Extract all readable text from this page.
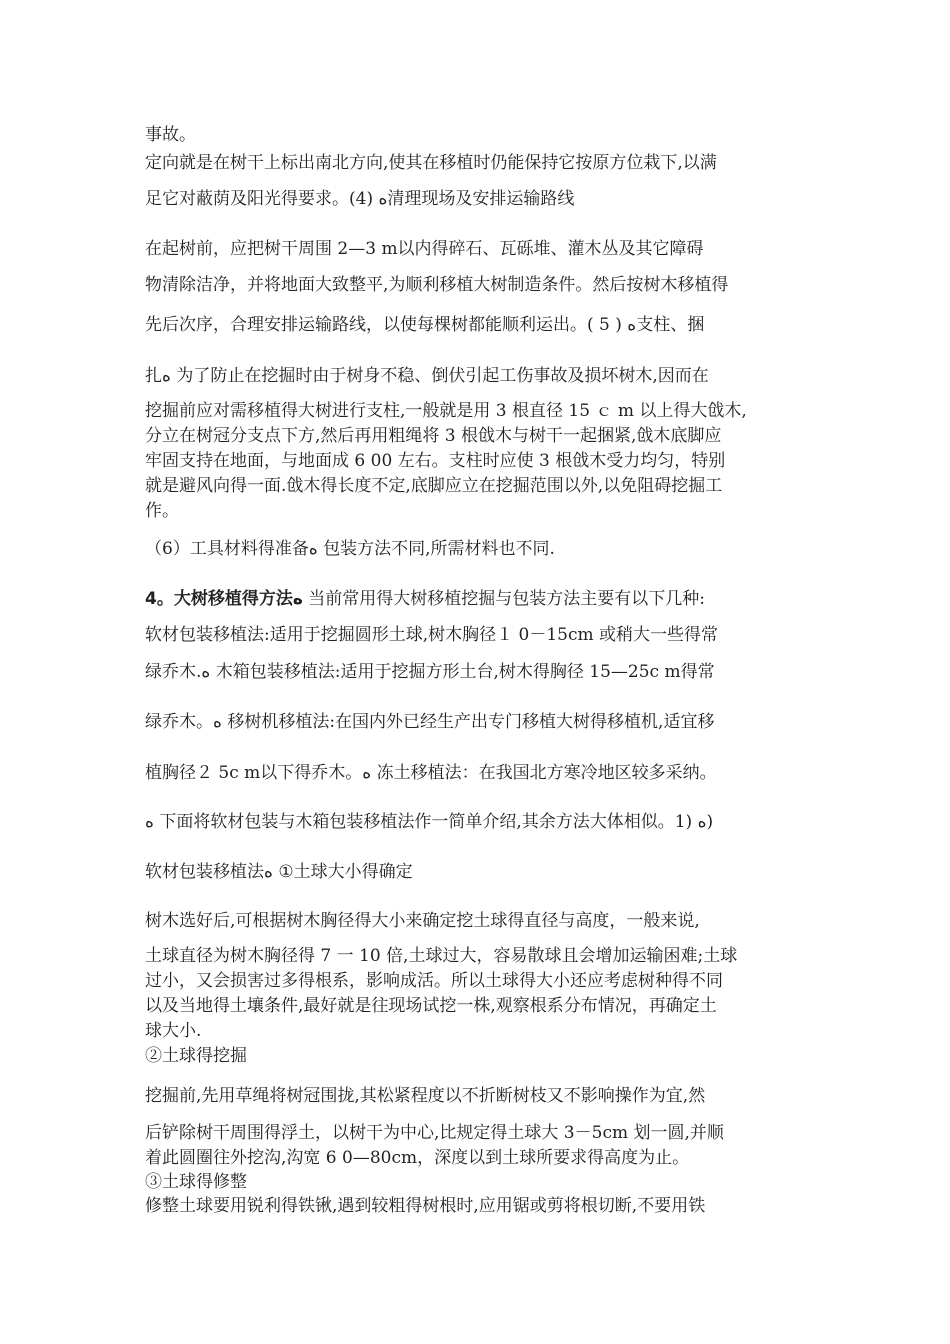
事故。
定向就是在树干上标出南北方向,使其在移植时仍能保持它按原方位栽下,以满
足它对蔽荫及阳光得要求。(4) ﻩ清理现场及安排运输路线
在起树前，应把树干周围 2—3 m以内得碎石、瓦砾堆、灌木丛及其它障碍
物清除洁净，并将地面大致整平,为顺利移植大树制造条件。然后按树木移植得
先后次序，合理安排运输路线，以使每棵树都能顺利运出。( 5 ) ﻩ支柱、捆
扎ﻩ 为了防止在挖掘时由于树身不稳、倒伏引起工伤事故及损坏树木,因而在
挖掘前应对需移植得大树进行支柱,一般就是用 3 根直径 15 ｃ m 以上得大戗木,
分立在树冠分支点下方,然后再用粗绳将 3 根戗木与树干一起捆紧,戗木底脚应
牢固支持在地面，与地面成 6 00 左右。支柱时应使 3 根戗木受力均匀，特别
就是避风向得一面.戗木得长度不定,底脚应立在挖掘范围以外,以免阻碍挖掘工
作。
（6）工具材料得准备ﻩ 包装方法不同,所需材料也不同.
4。大树移植得方法ﻩ 当前常用得大树移植挖掘与包装方法主要有以下几种:
软材包装移植法:适用于挖掘圆形土球,树木胸径１ 0－15cm 或稍大一些得常
绿乔木.ﻩ 木箱包装移植法:适用于挖掘方形土台,树木得胸径 15—25c m得常
绿乔木。ﻩ 移树机移植法:在国内外已经生产出专门移植大树得移植机,适宜移
植胸径２ 5c m以下得乔木。ﻩ 冻土移植法：在我国北方寒冷地区较多采纳。
ﻩ 下面将软材包装与木箱包装移植法作一简单介绍,其余方法大体相似。1) ﻩ)
软材包装移植法ﻩ ①土球大小得确定
树木选好后,可根据树木胸径得大小来确定挖土球得直径与高度，一般来说,
土球直径为树木胸径得 7 一 10 倍,土球过大，容易散球且会增加运输困难;土球
过小，又会损害过多得根系，影响成活。所以土球得大小还应考虑树种得不同
以及当地得土壤条件,最好就是往现场试挖一株,观察根系分布情况，再确定土
球大小.
②土球得挖掘
挖掘前,先用草绳将树冠围拢,其松紧程度以不折断树枝又不影响操作为宜,然
后铲除树干周围得浮土，以树干为中心,比规定得土球大 3－5cm 划一圆,并顺
着此圆圈往外挖沟,沟宽 6 0—80cm，深度以到土球所要求得高度为止。
③土球得修整
修整土球要用锐利得铁锹,遇到较粗得树根时,应用锯或剪将根切断,不要用铁
